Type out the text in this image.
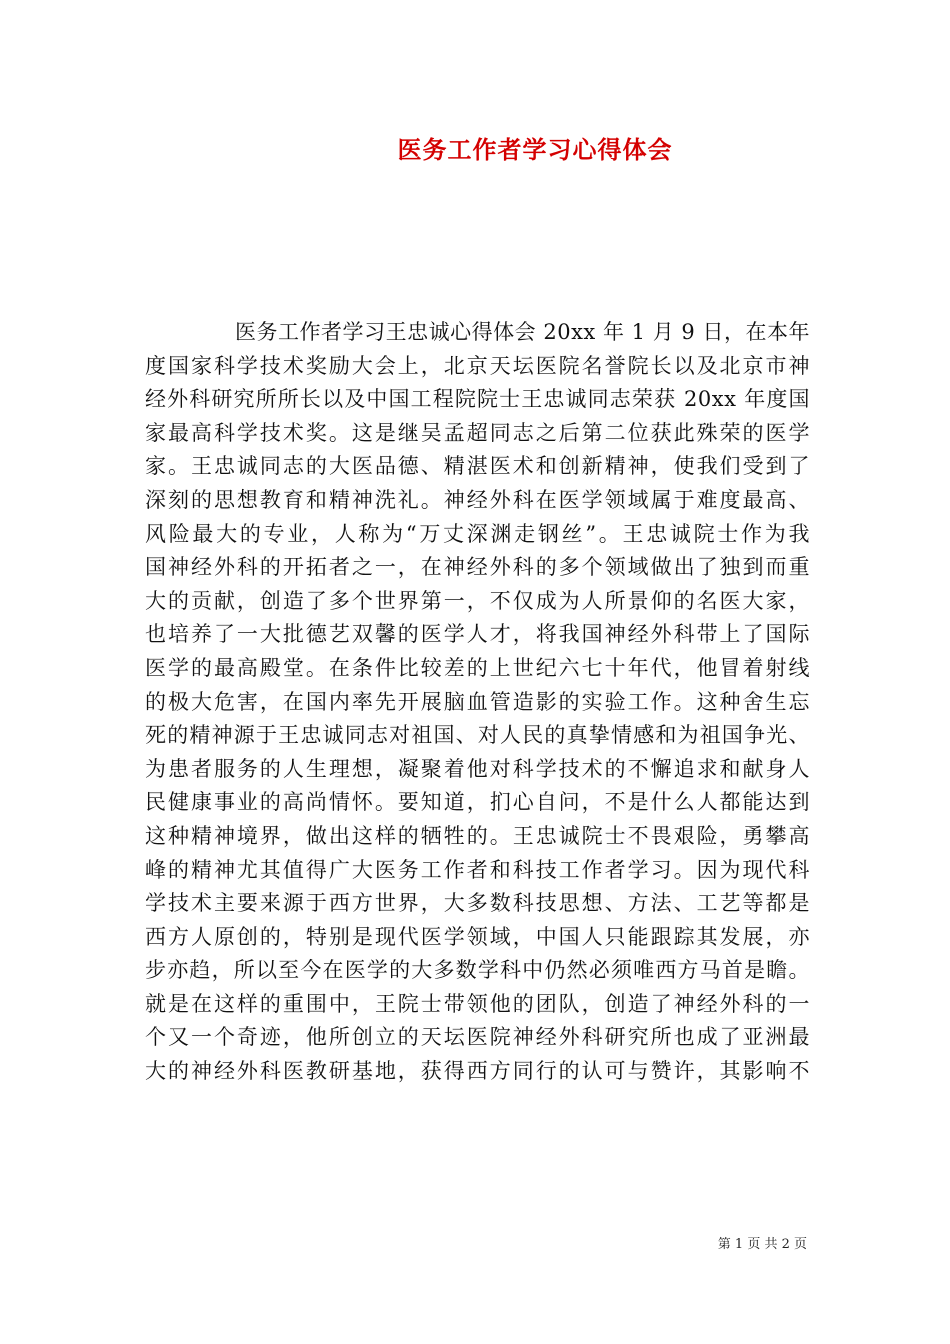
医务工作者学习心得体会
医务工作者学习王忠诚心得体会 20xx 年 1 月 9 日，在本年
度国家科学技术奖励大会上，北京天坛医院名誉院长以及北京市神
经外科研究所所长以及中国工程院院士王忠诚同志荣获 20xx 年度国
家最高科学技术奖。这是继吴孟超同志之后第二位获此殊荣的医学
家。王忠诚同志的大医品德、精湛医术和创新精神，使我们受到了
深刻的思想教育和精神洗礼。神经外科在医学领域属于难度最高、
风险最大的专业，人称为“万丈深渊走钢丝”。王忠诚院士作为我
国神经外科的开拓者之一，在神经外科的多个领域做出了独到而重
大的贡献，创造了多个世界第一，不仅成为人所景仰的名医大家，
也培养了一大批德艺双馨的医学人才，将我国神经外科带上了国际
医学的最高殿堂。在条件比较差的上世纪六七十年代，他冒着射线
的极大危害，在国内率先开展脑血管造影的实验工作。这种舍生忘
死的精神源于王忠诚同志对祖国、对人民的真挚情感和为祖国争光、
为患者服务的人生理想，凝聚着他对科学技术的不懈追求和献身人
民健康事业的高尚情怀。要知道，扪心自问，不是什么人都能达到
这种精神境界，做出这样的牺牲的。王忠诚院士不畏艰险，勇攀高
峰的精神尤其值得广大医务工作者和科技工作者学习。因为现代科
学技术主要来源于西方世界，大多数科技思想、方法、工艺等都是
西方人原创的，特别是现代医学领域，中国人只能跟踪其发展，亦
步亦趋，所以至今在医学的大多数学科中仍然必须唯西方马首是瞻。
就是在这样的重围中，王院士带领他的团队，创造了神经外科的一
个又一个奇迹，他所创立的天坛医院神经外科研究所也成了亚洲最
大的神经外科医教研基地，获得西方同行的认可与赞许，其影响不

第 1 页 共 2 页
